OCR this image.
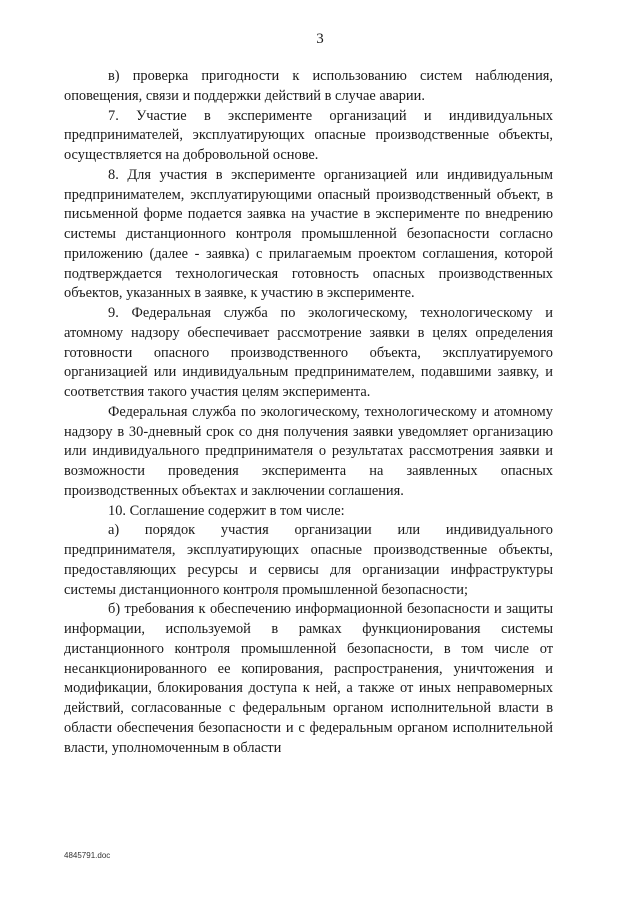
3

в) проверка пригодности к использованию систем наблюдения, оповещения, связи и поддержки действий в случае аварии.

7. Участие в эксперименте организаций и индивидуальных предпринимателей, эксплуатирующих опасные производственные объекты, осуществляется на добровольной основе.

8. Для участия в эксперименте организацией или индивидуальным предпринимателем, эксплуатирующими опасный производственный объект, в письменной форме подается заявка на участие в эксперименте по внедрению системы дистанционного контроля промышленной безопасности согласно приложению (далее - заявка) с прилагаемым проектом соглашения, которой подтверждается технологическая готовность опасных производственных объектов, указанных в заявке, к участию в эксперименте.

9. Федеральная служба по экологическому, технологическому и атомному надзору обеспечивает рассмотрение заявки в целях определения готовности опасного производственного объекта, эксплуатируемого организацией или индивидуальным предпринимателем, подавшими заявку, и соответствия такого участия целям эксперимента.

Федеральная служба по экологическому, технологическому и атомному надзору в 30-дневный срок со дня получения заявки уведомляет организацию или индивидуального предпринимателя о результатах рассмотрения заявки и возможности проведения эксперимента на заявленных опасных производственных объектах и заключении соглашения.

10. Соглашение содержит в том числе:

а) порядок участия организации или индивидуального предпринимателя, эксплуатирующих опасные производственные объекты, предоставляющих ресурсы и сервисы для организации инфраструктуры системы дистанционного контроля промышленной безопасности;

б) требования к обеспечению информационной безопасности и защиты информации, используемой в рамках функционирования системы дистанционного контроля промышленной безопасности, в том числе от несанкционированного ее копирования, распространения, уничтожения и модификации, блокирования доступа к ней, а также от иных неправомерных действий, согласованные с федеральным органом исполнительной власти в области обеспечения безопасности и с федеральным органом исполнительной власти, уполномоченным в области

4845791.doc
